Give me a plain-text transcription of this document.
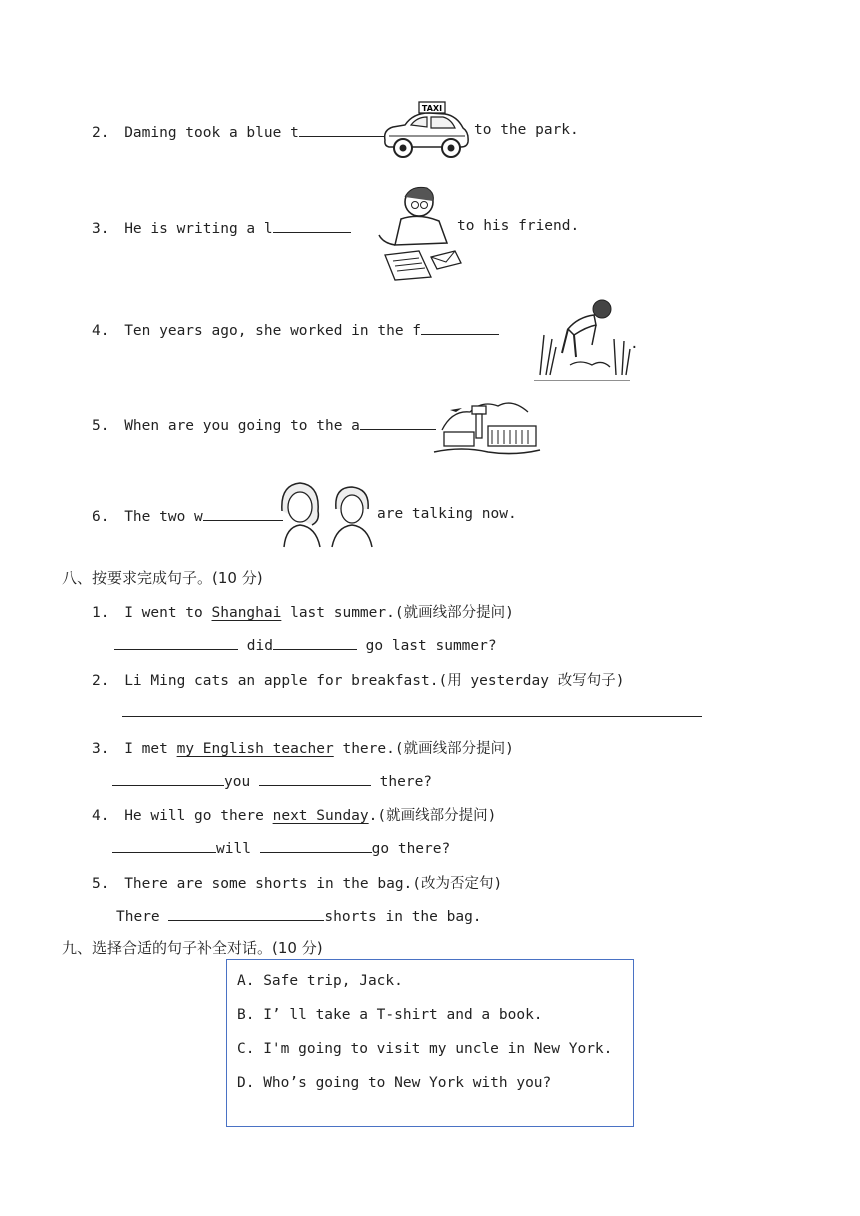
2. Daming took a blue t
TAXI
to the park.
3. He is writing a l	to his friend.
4. Ten years ago, she worked in the f
.
5. When are you going to the a
6. The two w	are talking now.
八、按要求完成句子。(10 分)
1. I went to Shanghai last summer.(就画线部分提问)
did	go last summer?
2. Li Ming cats an apple for breakfast.(用 yesterday 改写句子)
3. I met my English teacher there.(就画线部分提问)
you	there?
4. He will go there next Sunday.(就画线部分提问)
will	go there?
5. There are some shorts in the bag.(改为否定句)
There	shorts in the bag.
九、选择合适的句子补全对话。(10 分)
A. Safe trip, Jack.
B. I’ ll take a T-shirt and a book.
C. I'm going to visit my uncle in New York.
D. Who’s going to New York with you?
